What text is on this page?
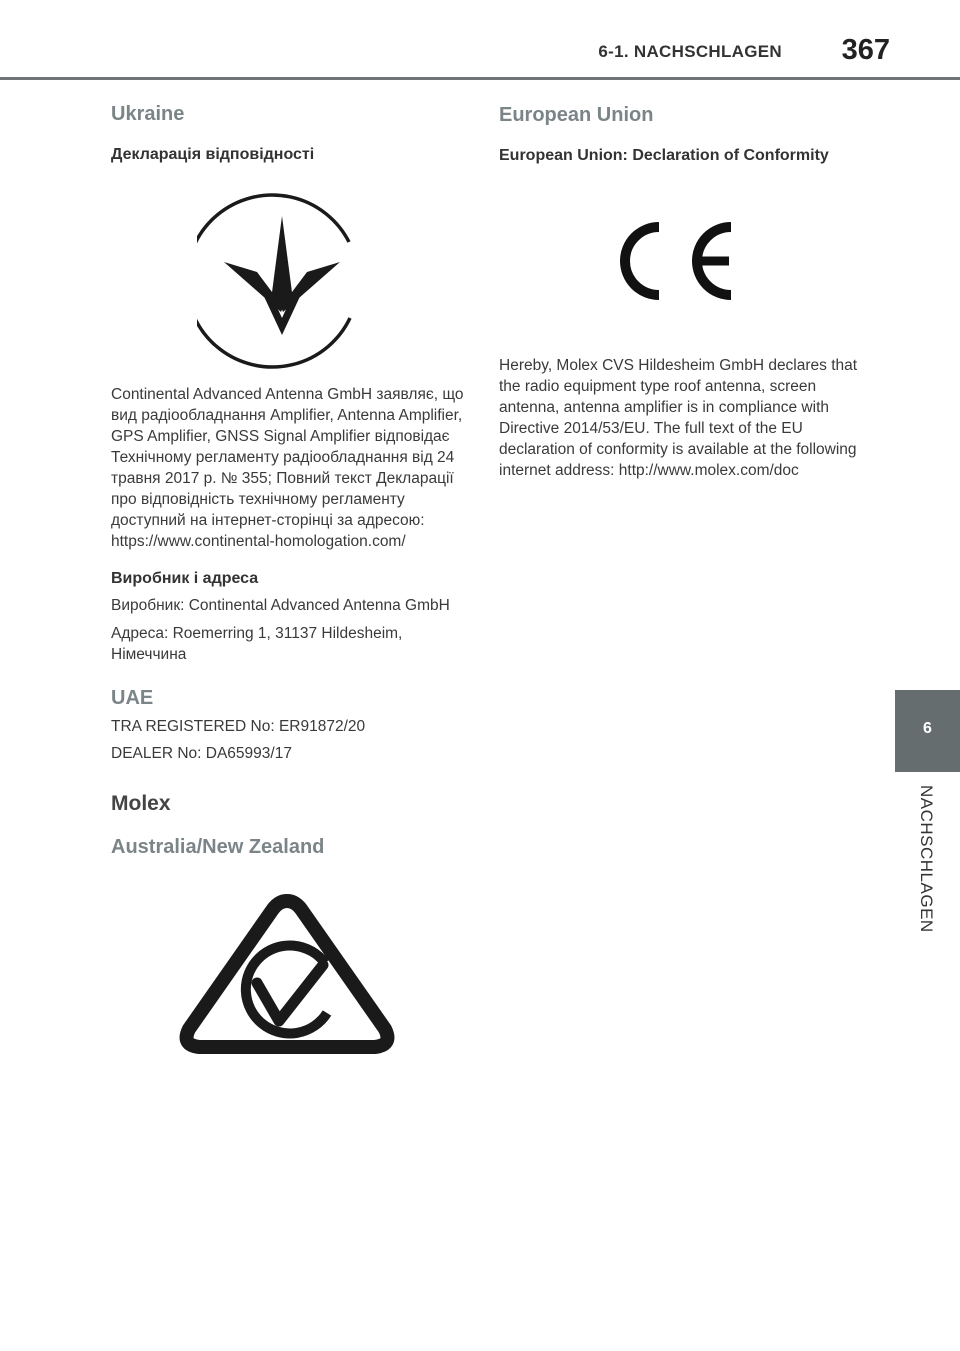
6-1. NACHSCHLAGEN	367
6
NACHSCHLAGEN
Ukraine
Декларація відповідності

Continental Advanced Antenna GmbH заявляє, що вид радіообладнання Amplifier, Antenna Amplifier, GPS Amplifier, GNSS Signal Amplifier відповідає Технічному регламенту радіообладнання від 24 травня 2017 р. № 355; Повний текст Декларації про відповідність технічному регламенту доступний на інтернет-сторінці за адресою: https://www.continental-homologation.com/

Виробник і адреса

Виробник: Continental Advanced Antenna GmbH

Адреса: Roemerring 1, 31137 Hildesheim, Німеччина

UAE

TRA REGISTERED No: ER91872/20

DEALER No: DA65993/17

Molex
Australia/New Zealand
European Union
European Union: Declaration of Conformity

Hereby, Molex CVS Hildesheim GmbH declares that the radio equipment type roof antenna, screen antenna, antenna amplifier is in compliance with Directive 2014/53/EU. The full text of the EU declaration of conformity is available at the following internet address: http://www.molex.com/doc
